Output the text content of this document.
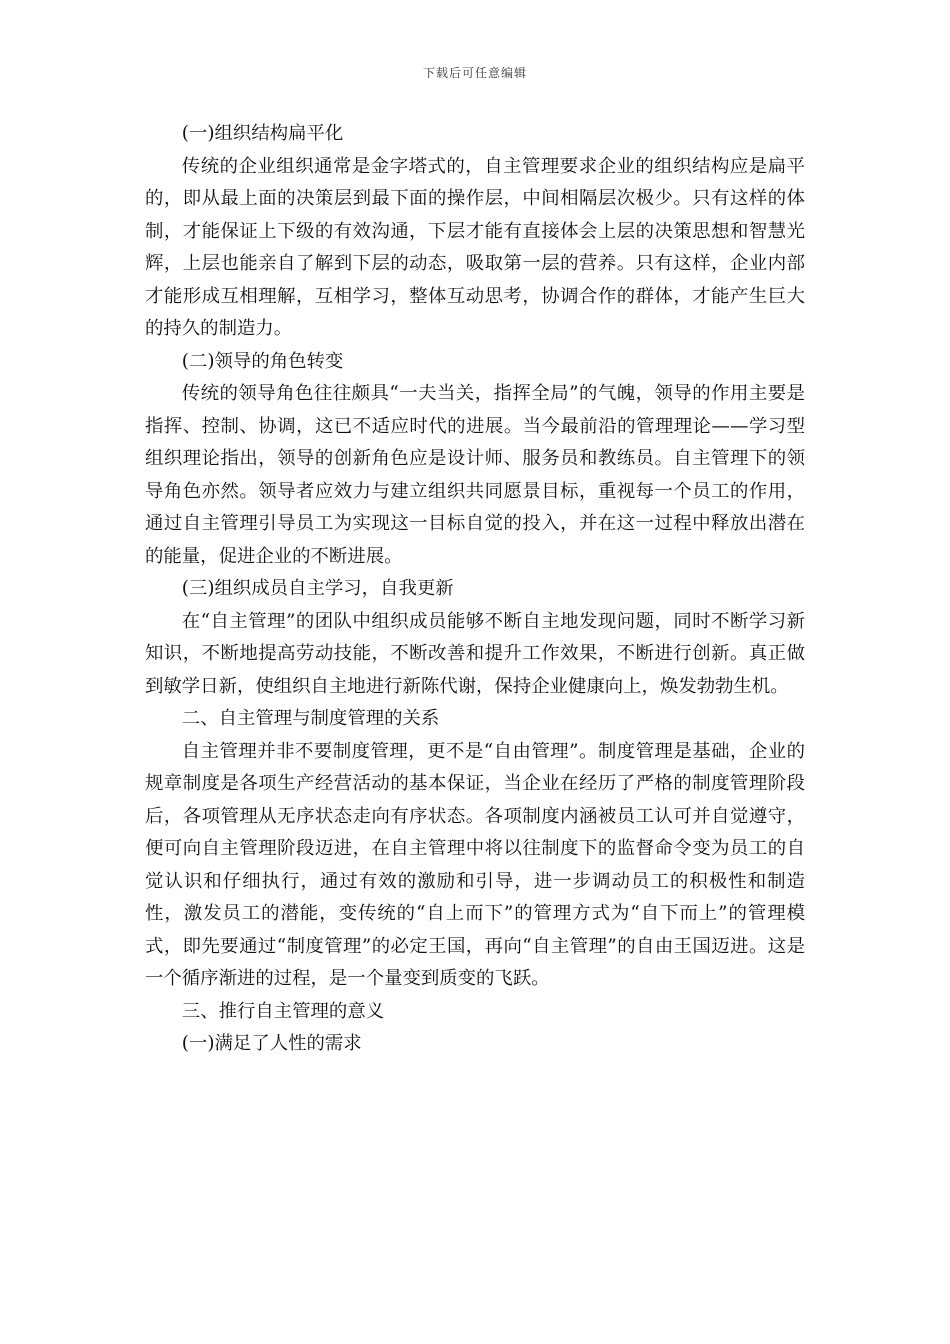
下载后可任意编辑

(一)组织结构扁平化

传统的企业组织通常是金字塔式的，自主管理要求企业的组织结构应是扁平的，即从最上面的决策层到最下面的操作层，中间相隔层次极少。只有这样的体制，才能保证上下级的有效沟通，下层才能有直接体会上层的决策思想和智慧光辉，上层也能亲自了解到下层的动态，吸取第一层的营养。只有这样，企业内部才能形成互相理解，互相学习，整体互动思考，协调合作的群体，才能产生巨大的持久的制造力。

(二)领导的角色转变

传统的领导角色往往颇具“一夫当关，指挥全局”的气魄，领导的作用主要是指挥、控制、协调，这已不适应时代的进展。当今最前沿的管理理论——学习型组织理论指出，领导的创新角色应是设计师、服务员和教练员。自主管理下的领导角色亦然。领导者应效力与建立组织共同愿景目标，重视每一个员工的作用，通过自主管理引导员工为实现这一目标自觉的投入，并在这一过程中释放出潜在的能量，促进企业的不断进展。

(三)组织成员自主学习，自我更新

在“自主管理”的团队中组织成员能够不断自主地发现问题，同时不断学习新知识，不断地提高劳动技能，不断改善和提升工作效果，不断进行创新。真正做到敏学日新，使组织自主地进行新陈代谢，保持企业健康向上，焕发勃勃生机。

二、自主管理与制度管理的关系

自主管理并非不要制度管理，更不是“自由管理”。制度管理是基础，企业的规章制度是各项生产经营活动的基本保证，当企业在经历了严格的制度管理阶段后，各项管理从无序状态走向有序状态。各项制度内涵被员工认可并自觉遵守，便可向自主管理阶段迈进，在自主管理中将以往制度下的监督命令变为员工的自觉认识和仔细执行，通过有效的激励和引导，进一步调动员工的积极性和制造性，激发员工的潜能，变传统的“自上而下”的管理方式为“自下而上”的管理模式，即先要通过“制度管理”的必定王国，再向“自主管理”的自由王国迈进。这是一个循序渐进的过程，是一个量变到质变的飞跃。

三、推行自主管理的意义

(一)满足了人性的需求
